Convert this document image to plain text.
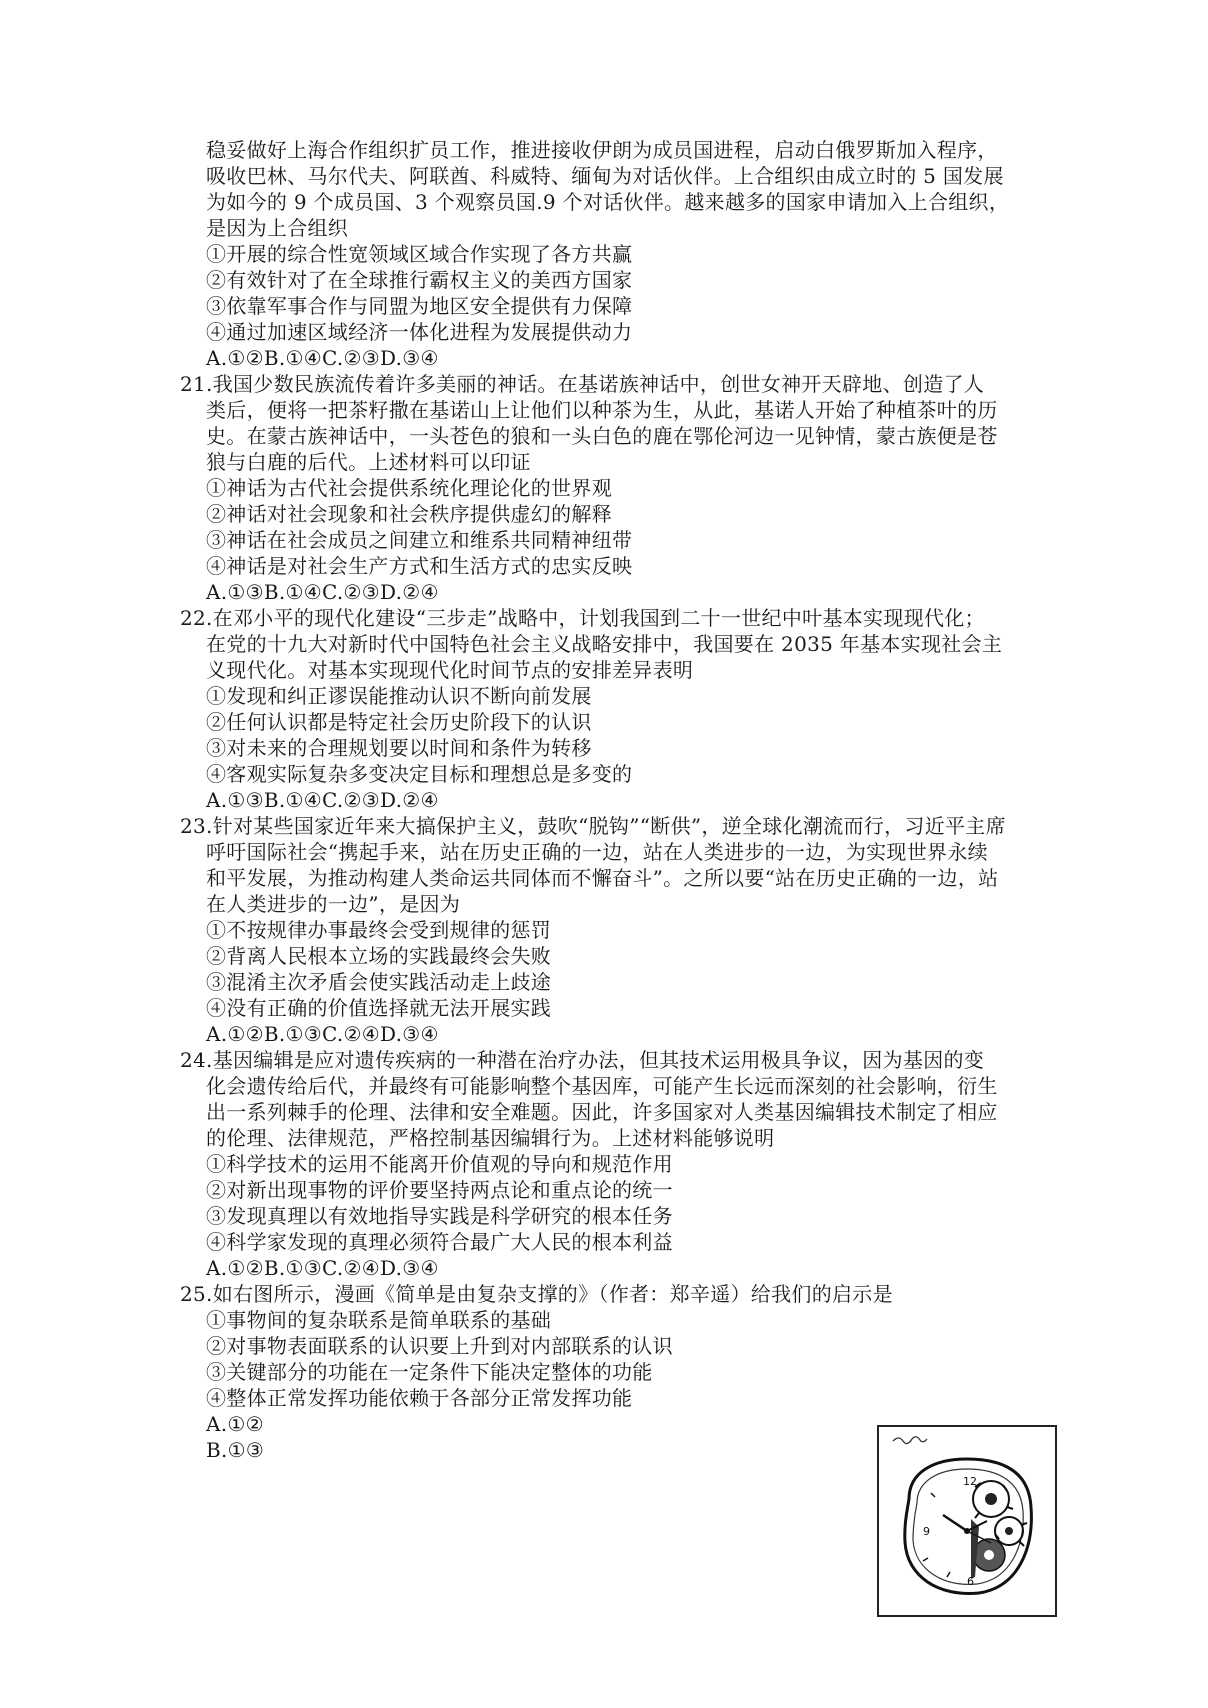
稳妥做好上海合作组织扩员工作，推进接收伊朗为成员国进程，启动白俄罗斯加入程序，
吸收巴林、马尔代夫、阿联酋、科威特、缅甸为对话伙伴。上合组织由成立时的 5 国发展
为如今的 9 个成员国、3 个观察员国.9 个对话伙伴。越来越多的国家申请加入上合组织，
是因为上合组织
①开展的综合性宽领域区域合作实现了各方共赢
②有效针对了在全球推行霸权主义的美西方国家
③依靠军事合作与同盟为地区安全提供有力保障
④通过加速区域经济一体化进程为发展提供动力
A.①②B.①④C.②③D.③④
21.我国少数民族流传着许多美丽的神话。在基诺族神话中，创世女神开天辟地、创造了人
类后，便将一把茶籽撒在基诺山上让他们以种茶为生，从此，基诺人开始了种植茶叶的历
史。在蒙古族神话中，一头苍色的狼和一头白色的鹿在鄂伦河边一见钟情，蒙古族便是苍
狼与白鹿的后代。上述材料可以印证
①神话为古代社会提供系统化理论化的世界观
②神话对社会现象和社会秩序提供虚幻的解释
③神话在社会成员之间建立和维系共同精神纽带
④神话是对社会生产方式和生活方式的忠实反映
A.①③B.①④C.②③D.②④
22.在邓小平的现代化建设“三步走”战略中，计划我国到二十一世纪中叶基本实现现代化；
在党的十九大对新时代中国特色社会主义战略安排中，我国要在 2035 年基本实现社会主
义现代化。对基本实现现代化时间节点的安排差异表明
①发现和纠正谬误能推动认识不断向前发展
②任何认识都是特定社会历史阶段下的认识
③对未来的合理规划要以时间和条件为转移
④客观实际复杂多变决定目标和理想总是多变的
A.①③B.①④C.②③D.②④
23.针对某些国家近年来大搞保护主义，鼓吹“脱钩”“断供”，逆全球化潮流而行，习近平主席
呼吁国际社会“携起手来，站在历史正确的一边，站在人类进步的一边，为实现世界永续
和平发展，为推动构建人类命运共同体而不懈奋斗”。之所以要“站在历史正确的一边，站
在人类进步的一边”，是因为
①不按规律办事最终会受到规律的惩罚
②背离人民根本立场的实践最终会失败
③混淆主次矛盾会使实践活动走上歧途
④没有正确的价值选择就无法开展实践
A.①②B.①③C.②④D.③④
24.基因编辑是应对遗传疾病的一种潜在治疗办法，但其技术运用极具争议，因为基因的变
化会遗传给后代，并最终有可能影响整个基因库，可能产生长远而深刻的社会影响，衍生
出一系列棘手的伦理、法律和安全难题。因此，许多国家对人类基因编辑技术制定了相应
的伦理、法律规范，严格控制基因编辑行为。上述材料能够说明
①科学技术的运用不能离开价值观的导向和规范作用
②对新出现事物的评价要坚持两点论和重点论的统一
③发现真理以有效地指导实践是科学研究的根本任务
④科学家发现的真理必须符合最广大人民的根本利益
A.①②B.①③C.②④D.③④
25.如右图所示，漫画《简单是由复杂支撑的》（作者：郑辛遥）给我们的启示是
①事物间的复杂联系是简单联系的基础
②对事物表面联系的认识要上升到对内部联系的认识
③关键部分的功能在一定条件下能决定整体的功能
④整体正常发挥功能依赖于各部分正常发挥功能
A.①②
B.①③
12
9
6
